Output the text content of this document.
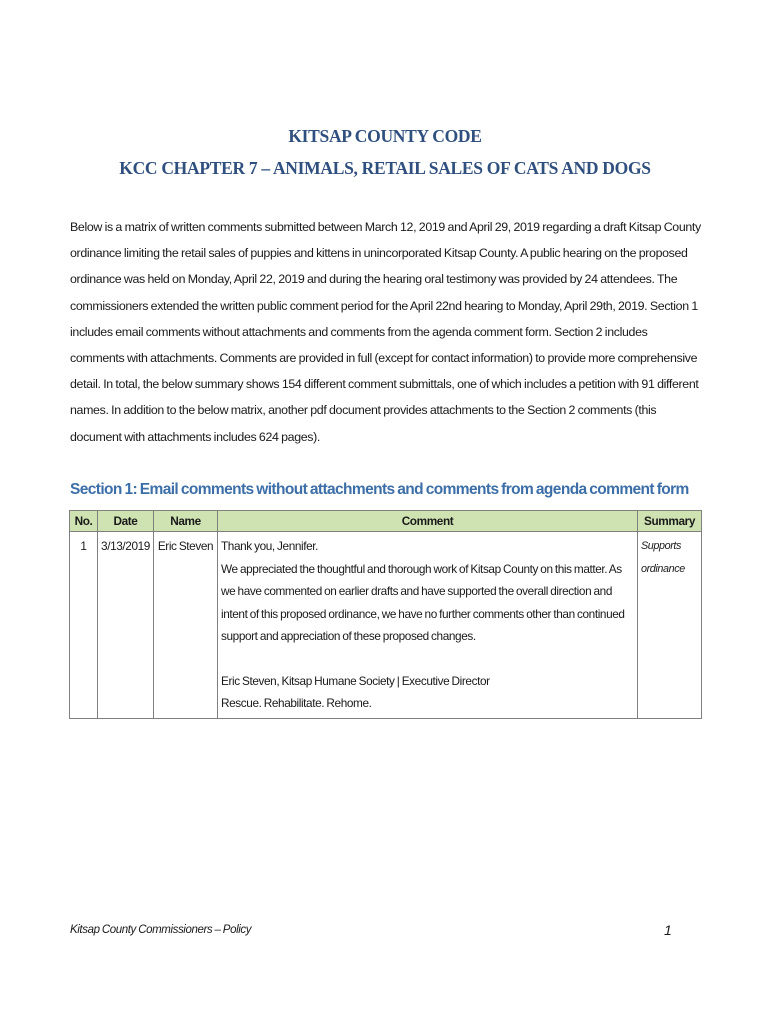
KITSAP COUNTY CODE
KCC CHAPTER 7 – ANIMALS, RETAIL SALES OF CATS AND DOGS

Below is a matrix of written comments submitted between March 12, 2019 and April 29, 2019 regarding a draft Kitsap County ordinance limiting the retail sales of puppies and kittens in unincorporated Kitsap County. A public hearing on the proposed ordinance was held on Monday, April 22, 2019 and during the hearing oral testimony was provided by 24 attendees. The commissioners extended the written public comment period for the April 22nd hearing to Monday, April 29th, 2019. Section 1 includes email comments without attachments and comments from the agenda comment form. Section 2 includes comments with attachments. Comments are provided in full (except for contact information) to provide more comprehensive detail. In total, the below summary shows 154 different comment submittals, one of which includes a petition with 91 different names. In addition to the below matrix, another pdf document provides attachments to the Section 2 comments (this document with attachments includes 624 pages).

Section 1: Email comments without attachments and comments from agenda comment form
No.	Date	Name	Comment	Summary
1	3/13/2019	Eric Steven	Thank you, Jennifer.
We appreciated the thoughtful and thorough work of Kitsap County on this matter. As we have commented on earlier drafts and have supported the overall direction and intent of this proposed ordinance, we have no further comments other than continued support and appreciation of these proposed changes.
Eric Steven, Kitsap Humane Society | Executive Director
Rescue. Rehabilitate. Rehome.	Supports ordinance
Kitsap County Commissioners – Policy	1
